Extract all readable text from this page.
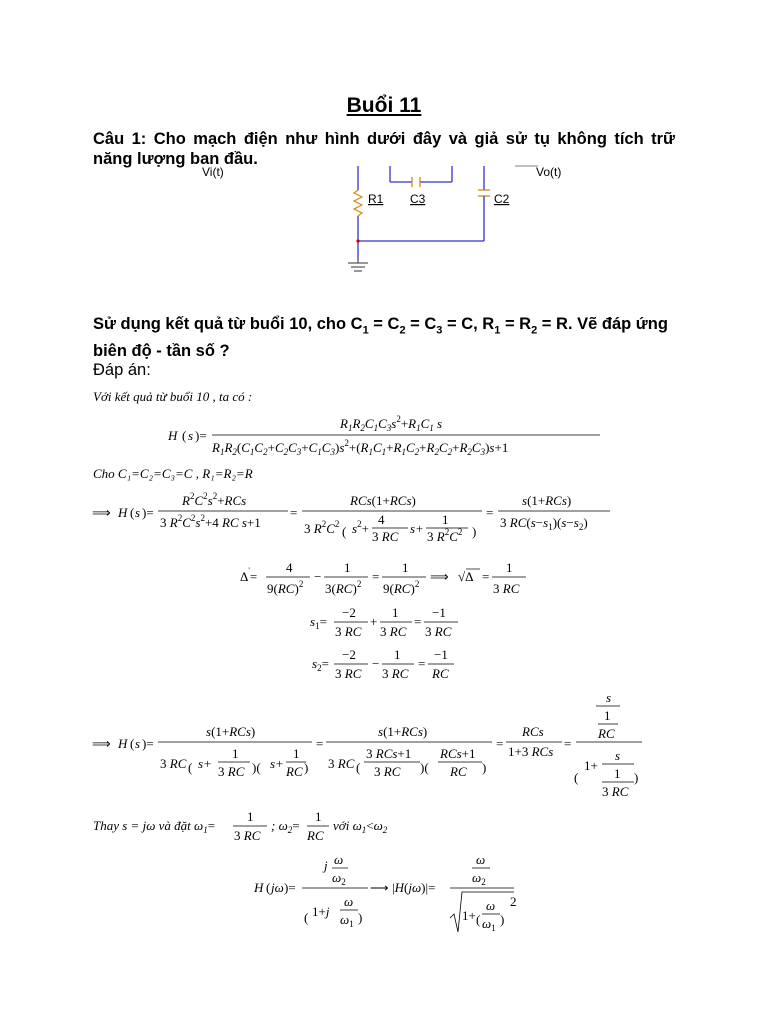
Buổi 11
Câu 1: Cho mạch điện như hình dưới đây và giả sử tụ không tích trữ năng lượng ban đầu.
Vi(t)	Vo(t)
R1 C3	C2
Sử dụng kết quả từ buổi 10, cho $C_1 = C_2 = C_3 = C$, $R_1 = R_2 = R$. Vẽ đáp ứng biên độ - tần số ?
Đáp án:
Với kết quả từ buổi 10 , ta có :
H ( s )=
$R_1R_2C_1C_3s^2+R_1C_1$ s
$R_1R_2(C_1C_2+C_2C_3+C_1C_3)s^2+(R_1C_1+R_1C_2+R_2C_2+R_2C_3)s+1$
Cho C₁=C₂=C₃=C , R₁=R₂=R
⟹ H ( s )=
$R^2C^2s^2+RCs$
3 $R^2C^2s^2+4$ RC s+1
=
RCs(1+RCs)
3 $R^2C^2$ ( $s^2+$
4
3 RC
s+
1
3 $R^2C^2$ )
=
s(1+RCs)
3 $RC(s-s_1)(s-s_2)$
Δ'=
4
9(RC)$^2$ −
1
3(RC)$^2$ =
1
9(RC)$^2$ ⟹ √Δ =
1
3 RC
$s_1=$
−2
3 RC
+
1
3 RC
=
−1
3 RC
$s_2=$
−2
3 RC
−
1
3 RC
=
−1
RC
⟹ H ( s )=
s(1+RCs)
3 RC ( s+
1
3 RC )( s+
1
RC )
=
s(1+RCs)
3 RC (
3 RCs+1
3 RC )(
RCs+1
RC )
=
RCs
1+3 RCs
=
s
1
RC
(
1+
s
1
3 RC
)
Thay s = jω và đặt $\omega_1=$
1
3 RC
; $\omega_2=$
1
RC
với $\omega_1<\omega_2$
H ( jω )=
j ω
$\omega_2$
( 1+j
ω
$\omega_1$ )
⟶ |H(jω)|=
ω
$\omega_2$
1+ (
ω
$\omega_1$
)
2
